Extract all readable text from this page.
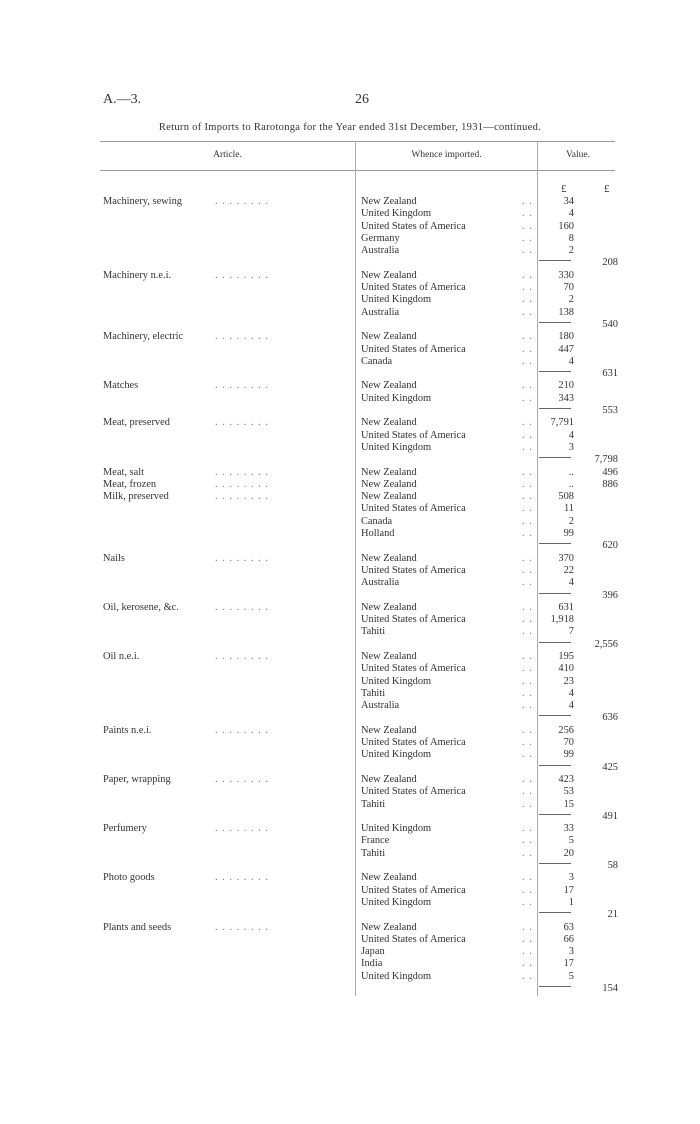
A.—3.	26
Return of Imports to Rarotonga for the Year ended 31st December, 1931—continued.
Article.	Whence imported.	Value.
£	£
Machinery, sewing	. . . . . . . .	New Zealand	. .	34
United Kingdom	. .	4
United States of America	. . 160
Germany	. .	8
Australia	. .	2
208
Machinery n.e.i.	. . . . . . . .	New Zealand	. . 330
United States of America	. .	70
United Kingdom	. .	2
Australia	. . 138
540
Machinery, electric	. . . . . . . .	New Zealand	. . 180
United States of America	. . 447
Canada	. .	4
631
Matches	. . . . . . . .	New Zealand	. . 210
United Kingdom	. . 343
553
Meat, preserved	. . . . . . . .	New Zealand	. . 7,791
United States of America	. .	4
United Kingdom	. .	3
7,798
Meat, salt	. . . . . . . .	New Zealand	. .	..	496
Meat, frozen	. . . . . . . .	New Zealand	. .	..	886
Milk, preserved	. . . . . . . .	New Zealand	. . 508
United States of America	. .	11
Canada	. .	2
Holland	. .	99
620
Nails	. . . . . . . .	New Zealand	. . 370
United States of America	. .	22
Australia	. .	4
396
Oil, kerosene, &c.	. . . . . . . .	New Zealand	. . 631
United States of America	. . 1,918
Tahiti	. .	7
2,556
Oil n.e.i.	. . . . . . . .	New Zealand	. . 195
United States of America	. . 410
United Kingdom	. .	23
Tahiti	. .	4
Australia	. .	4
636
Paints n.e.i.	. . . . . . . .	New Zealand	. . 256
United States of America	. .	70
United Kingdom	. .	99
425
Paper, wrapping	. . . . . . . .	New Zealand	. . 423
United States of America	. .	53
Tahiti	. .	15
491
Perfumery	. . . . . . . .	United Kingdom	. .	33
France	. .	5
Tahiti	. .	20
58
Photo goods	. . . . . . . .	New Zealand	. .	3
United States of America	. .	17
United Kingdom	. .	1
21
Plants and seeds	. . . . . . . .	New Zealand	. .	63
United States of America	. .	66
Japan	. .	3
India	. .	17
United Kingdom	. .	5
154
